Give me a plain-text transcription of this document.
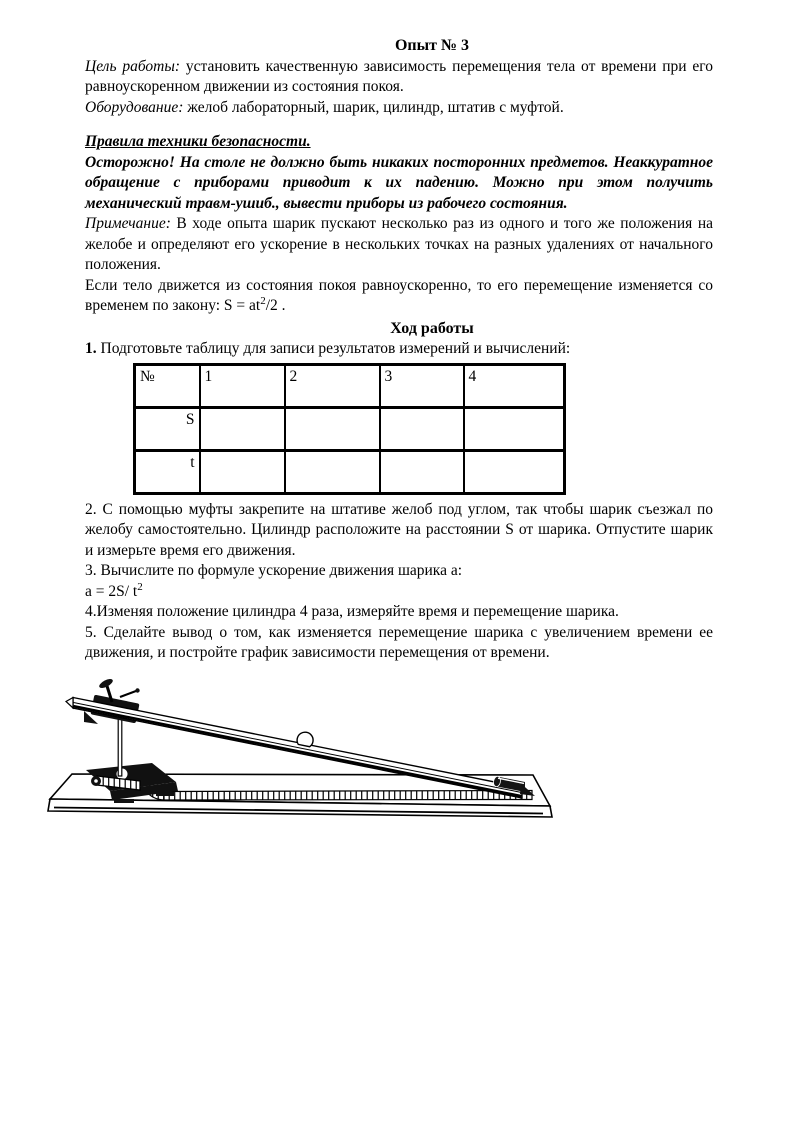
Опыт № 3

Цель работы: установить качественную зависимость перемещения тела от времени при его равноускоренном движении из состояния покоя.

Оборудование: желоб лабораторный, шарик, цилиндр, штатив с муфтой.

Правила техники безопасности.

Осторожно! На столе не должно быть никаких посторонних предметов. Неаккуратное обращение с приборами приводит к их падению. Можно при этом получить механический травм-ушиб., вывести приборы из рабочего состояния.

Примечание: В ходе опыта шарик пускают несколько раз из одного и того же положения на желобе и определяют его ускорение в нескольких точках на разных удалениях от начального положения.

Если тело движется из состояния покоя равноускоренно, то его перемещение изменяется со временем по закону: $S = at^2/2$ .

Ход работы

1. Подготовьте таблицу для записи результатов измерений и вычислений:

№	1	2	3	4
S				
t				

2. С помощью муфты закрепите на штативе желоб под углом, так чтобы шарик съезжал по желобу самостоятельно. Цилиндр расположите на расстоянии S от шарика. Отпустите шарик и измерьте время его движения.

3. Вычислите по формуле ускорение движения шарика а:

a = 2S/ $t^2$

4.Изменяя положение цилиндра 4 раза, измеряйте время и перемещение шарика.

5. Сделайте вывод о том, как изменяется перемещение шарика с увеличением времени ее движения, и постройте график зависимости перемещения от времени.
